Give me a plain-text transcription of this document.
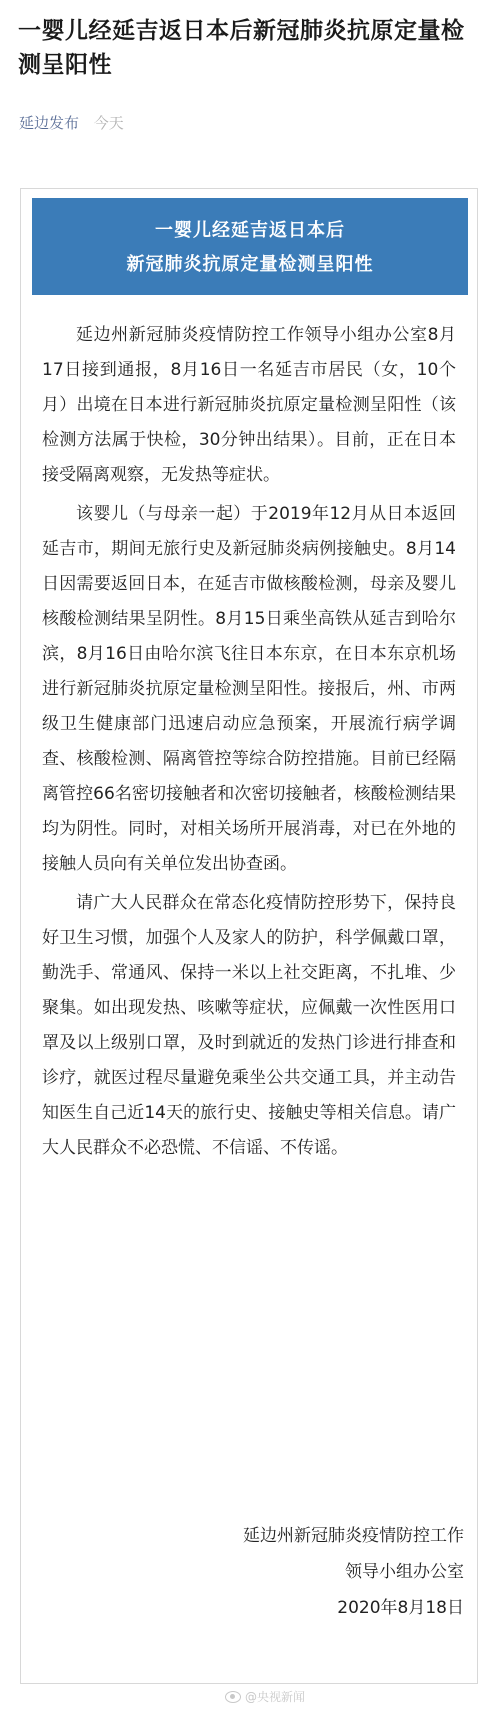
一婴儿经延吉返日本后新冠肺炎抗原定量检测呈阳性
延边发布 今天
一婴儿经延吉返日本后
新冠肺炎抗原定量检测呈阳性

延边州新冠肺炎疫情防控工作领导小组办公室8月17日接到通报，8月16日一名延吉市居民（女，10个月）出境在日本进行新冠肺炎抗原定量检测呈阳性（该检测方法属于快检，30分钟出结果）。目前，正在日本接受隔离观察，无发热等症状。

该婴儿（与母亲一起）于2019年12月从日本返回延吉市，期间无旅行史及新冠肺炎病例接触史。8月14日因需要返回日本，在延吉市做核酸检测，母亲及婴儿核酸检测结果呈阴性。8月15日乘坐高铁从延吉到哈尔滨，8月16日由哈尔滨飞往日本东京，在日本东京机场进行新冠肺炎抗原定量检测呈阳性。接报后，州、市两级卫生健康部门迅速启动应急预案，开展流行病学调查、核酸检测、隔离管控等综合防控措施。目前已经隔离管控66名密切接触者和次密切接触者，核酸检测结果均为阴性。同时，对相关场所开展消毒，对已在外地的接触人员向有关单位发出协查函。

请广大人民群众在常态化疫情防控形势下，保持良好卫生习惯，加强个人及家人的防护，科学佩戴口罩，勤洗手、常通风、保持一米以上社交距离，不扎堆、少聚集。如出现发热、咳嗽等症状，应佩戴一次性医用口罩及以上级别口罩，及时到就近的发热门诊进行排查和诊疗，就医过程尽量避免乘坐公共交通工具，并主动告知医生自己近14天的旅行史、接触史等相关信息。请广大人民群众不必恐慌、不信谣、不传谣。

延边州新冠肺炎疫情防控工作
领导小组办公室
2020年8月18日
@央视新闻
